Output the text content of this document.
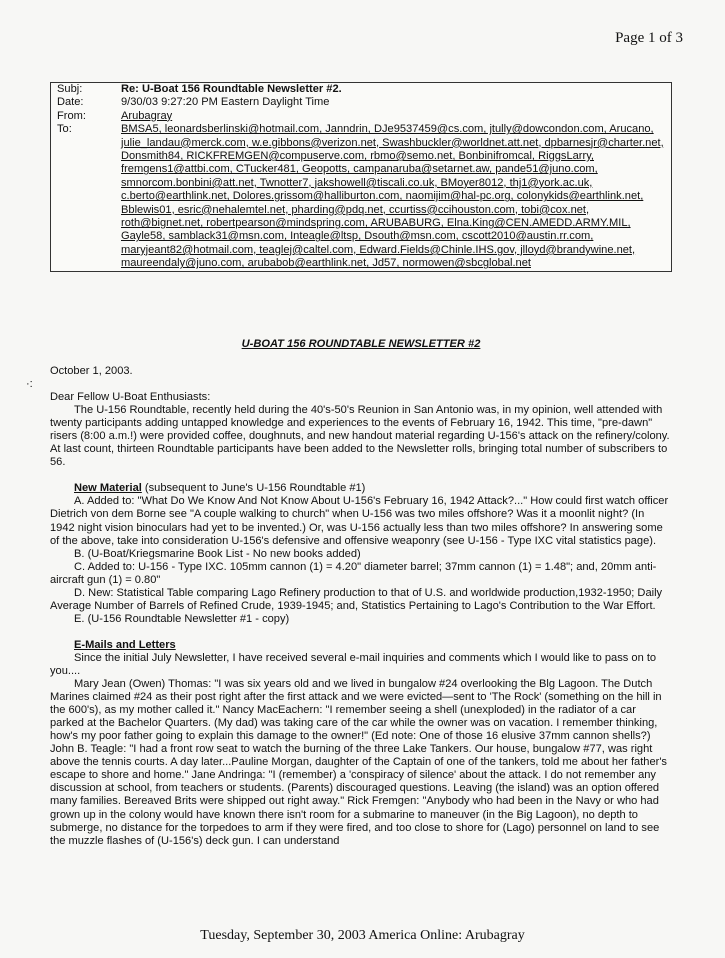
Page 1 of 3
Subj:	Re: U-Boat 156 Roundtable Newsletter #2.
Date:	9/30/03 9:27:20 PM Eastern Daylight Time
From:	Arubagray
To:	BMSA5, leonardsberlinski@hotmail.com, Janndrin, DJe9537459@cs.com, jtully@dowcondon.com, Arucano, julie_landau@merck.com, w.e.gibbons@verizon.net, Swashbuckler@worldnet.att.net, dpbarnesjr@charter.net, Donsmith84, RICKFREMGEN@compuserve.com, rbmo@semo.net, Bonbinifromcal, RiggsLarry, fremgens1@attbi.com, CTucker481, Geopotts, campanaruba@setarnet.aw, pande51@juno.com, smnorcom.bonbini@att.net, Twnotter7, jakshowell@tiscali.co.uk, BMoyer8012, thj1@york.ac.uk, c.berto@earthlink.net, Dolores.grissom@halliburton.com, naomijim@hal-pc.org, colonykids@earthlink.net, Bblewis01, esric@nehalemtel.net, pharding@pdq.net, ccurtiss@ccihouston.com, tobi@cox.net, roth@bignet.net, robertpearson@mindspring.com, ARUBABURG, Elna.King@CEN.AMEDD.ARMY.MIL, Gayle58, samblack31@msn.com, Inteagle@ltsp, Dsouth@msn.com, cscott2010@austin.rr.com, maryjeant82@hotmail.com, teaglej@caltel.com, Edward.Fields@Chinle.IHS.gov, jlloyd@brandywine.net, maureendaly@juno.com, arubabob@earthlink.net, Jd57, normowen@sbcglobal.net
·:
U-BOAT 156 ROUNDTABLE NEWSLETTER #2

October 1, 2003.

Dear Fellow U-Boat Enthusiasts:

The U-156 Roundtable, recently held during the 40's-50's Reunion in San Antonio was, in my opinion, well attended with twenty participants adding untapped knowledge and experiences to the events of February 16, 1942. This time, "pre-dawn" risers (8:00 a.m.!) were provided coffee, doughnuts, and new handout material regarding U-156's attack on the refinery/colony. At last count, thirteen Roundtable participants have been added to the Newsletter rolls, bringing total number of subscribers to 56.

New Material (subsequent to June's U-156 Roundtable #1)

A. Added to: "What Do We Know And Not Know About U-156's February 16, 1942 Attack?..." How could first watch officer Dietrich von dem Borne see "A couple walking to church" when U-156 was two miles offshore? Was it a moonlit night? (In 1942 night vision binoculars had yet to be invented.) Or, was U-156 actually less than two miles offshore? In answering some of the above, take into consideration U-156's defensive and offensive weaponry (see U-156 - Type IXC vital statistics page).

B. (U-Boat/Kriegsmarine Book List - No new books added)

C. Added to: U-156 - Type IXC. 105mm cannon (1) = 4.20" diameter barrel; 37mm cannon (1) = 1.48"; and, 20mm anti-aircraft gun (1) = 0.80"

D. New: Statistical Table comparing Lago Refinery production to that of U.S. and worldwide production,1932-1950; Daily Average Number of Barrels of Refined Crude, 1939-1945; and, Statistics Pertaining to Lago's Contribution to the War Effort.

E. (U-156 Roundtable Newsletter #1 - copy)

E-Mails and Letters

Since the initial July Newsletter, I have received several e-mail inquiries and comments which I would like to pass on to you....

Mary Jean (Owen) Thomas: "I was six years old and we lived in bungalow #24 overlooking the Blg Lagoon. The Dutch Marines claimed #24 as their post right after the first attack and we were evicted—sent to 'The Rock' (something on the hill in the 600's), as my mother called it." Nancy MacEachern: "I remember seeing a shell (unexploded) in the radiator of a car parked at the Bachelor Quarters. (My dad) was taking care of the car while the owner was on vacation. I remember thinking, how's my poor father going to explain this damage to the owner!" (Ed note: One of those 16 elusive 37mm cannon shells?) John B. Teagle: "I had a front row seat to watch the burning of the three Lake Tankers. Our house, bungalow #77, was right above the tennis courts. A day later...Pauline Morgan, daughter of the Captain of one of the tankers, told me about her father's escape to shore and home." Jane Andringa: "I (remember) a 'conspiracy of silence' about the attack. I do not remember any discussion at school, from teachers or students. (Parents) discouraged questions. Leaving (the island) was an option offered many families. Bereaved Brits were shipped out right away." Rick Fremgen: "Anybody who had been in the Navy or who had grown up in the colony would have known there isn't room for a submarine to maneuver (in the Big Lagoon), no depth to submerge, no distance for the torpedoes to arm if they were fired, and too close to shore for (Lago) personnel on land to see the muzzle flashes of (U-156's) deck gun. I can understand

Tuesday, September 30, 2003 America Online: Arubagray
